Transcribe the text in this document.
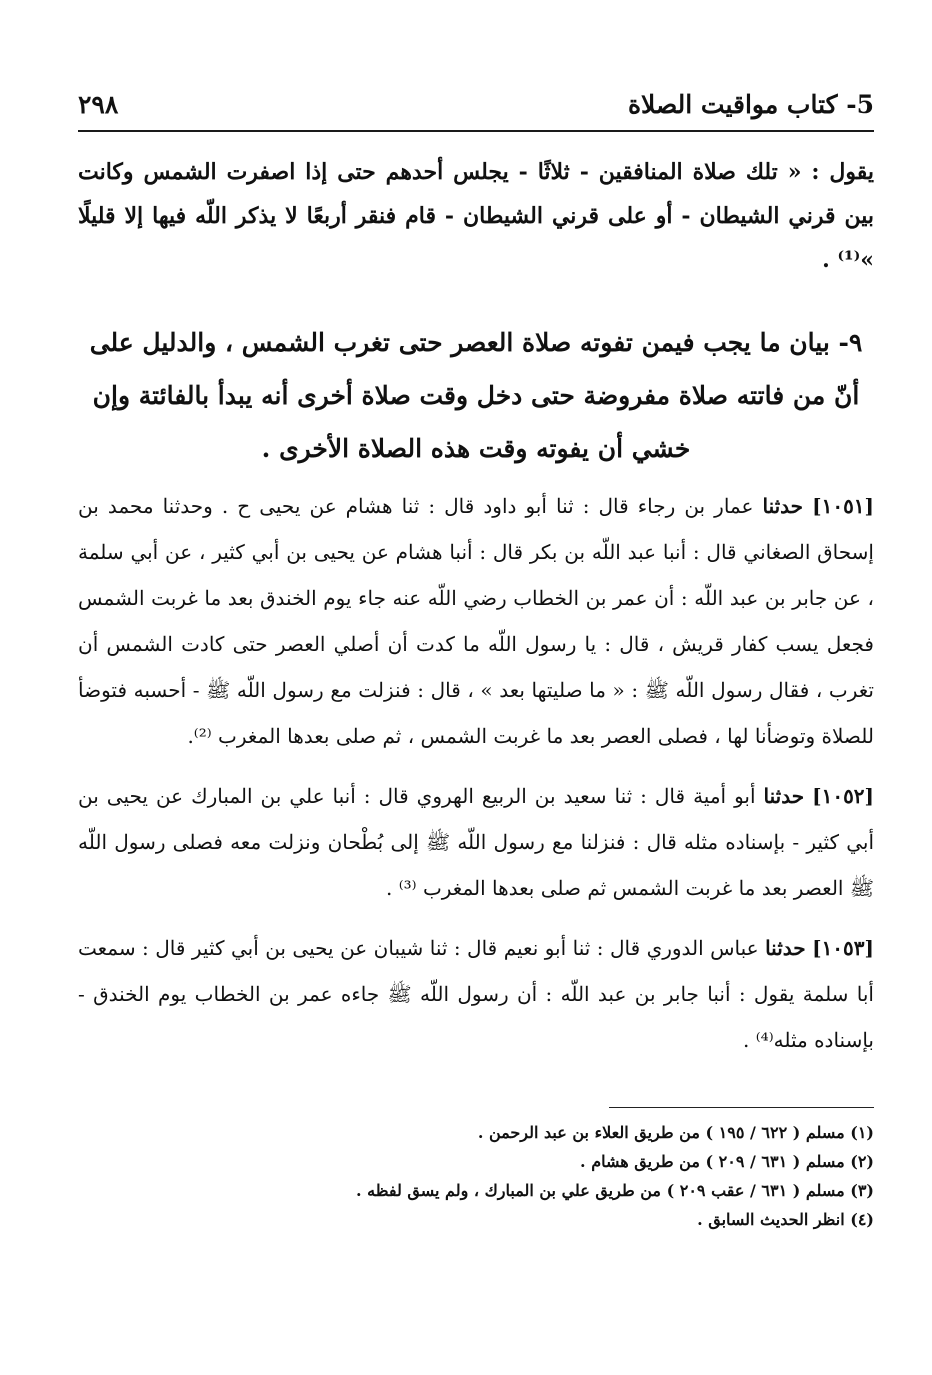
5- كتاب مواقيت الصلاة
٢٩٨

يقول : « تلك صلاة المنافقين - ثلاثًا - يجلس أحدهم حتى إذا اصفرت الشمس وكانت بين قرني الشيطان - أو على قرني الشيطان - قام فنقر أربعًا لا يذكر اللّه فيها إلا قليلًا »⁽¹⁾ .

٩- بيان ما يجب فيمن تفوته صلاة العصر حتى تغرب الشمس ، والدليل على أنّ من فاتته صلاة مفروضة حتى دخل وقت صلاة أخرى أنه يبدأ بالفائتة وإن خشي أن يفوته وقت هذه الصلاة الأخرى .

[١٠٥١] حدثنا عمار بن رجاء قال : ثنا أبو داود قال : ثنا هشام عن يحيى ح . وحدثنا محمد بن إسحاق الصغاني قال : أنبا عبد اللّه بن بكر قال : أنبا هشام عن يحيى بن أبي كثير ، عن أبي سلمة ، عن جابر بن عبد اللّه : أن عمر بن الخطاب رضي اللّه عنه جاء يوم الخندق بعد ما غربت الشمس فجعل يسب كفار قريش ، قال : يا رسول اللّه ما كدت أن أصلي العصر حتى كادت الشمس أن تغرب ، فقال رسول اللّه ﷺ : « ما صليتها بعد » ، قال : فنزلت مع رسول اللّه ﷺ - أحسبه فتوضأ للصلاة وتوضأنا لها ، فصلى العصر بعد ما غربت الشمس ، ثم صلى بعدها المغرب ⁽²⁾.

[١٠٥٢] حدثنا أبو أمية قال : ثنا سعيد بن الربيع الهروي قال : أنبا علي بن المبارك عن يحيى بن أبي كثير - بإسناده مثله قال : فنزلنا مع رسول اللّه ﷺ إلى بُطْحان ونزلت معه فصلى رسول اللّه ﷺ العصر بعد ما غربت الشمس ثم صلى بعدها المغرب ⁽³⁾ .

[١٠٥٣] حدثنا عباس الدوري قال : ثنا أبو نعيم قال : ثنا شيبان عن يحيى بن أبي كثير قال : سمعت أبا سلمة يقول : أنبا جابر بن عبد اللّه : أن رسول اللّه ﷺ جاءه عمر بن الخطاب يوم الخندق - بإسناده مثله⁽⁴⁾ .

(١) مسلم ( ٦٢٢ / ١٩٥ ) من طريق العلاء بن عبد الرحمن .
(٢) مسلم ( ٦٣١ / ٢٠٩ ) من طريق هشام .
(٣) مسلم ( ٦٣١ / عقب ٢٠٩ ) من طريق علي بن المبارك ، ولم يسق لفظه .
(٤) انظر الحديث السابق .
